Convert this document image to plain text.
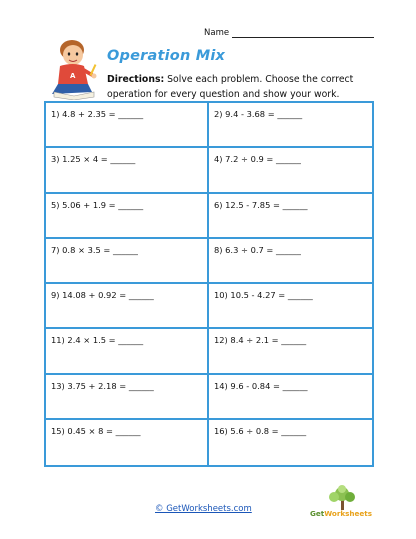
Name
A
Operation Mix
Directions: Solve each problem. Choose the correct operation for every question and show your work.
1) 4.8 + 2.35 = ______	2) 9.4 - 3.68 = ______
3) 1.25 × 4 = ______	4) 7.2 ÷ 0.9 = ______
5) 5.06 + 1.9 = ______	6) 12.5 - 7.85 = ______
7) 0.8 × 3.5 = ______	8) 6.3 ÷ 0.7 = ______
9) 14.08 + 0.92 = ______	10) 10.5 - 4.27 = ______
11) 2.4 × 1.5 = ______	12) 8.4 ÷ 2.1 = ______
13) 3.75 + 2.18 = ______	14) 9.6 - 0.84 = ______
15) 0.45 × 8 = ______	16) 5.6 ÷ 0.8 = ______
© GetWorksheets.com	GetWorksheets
